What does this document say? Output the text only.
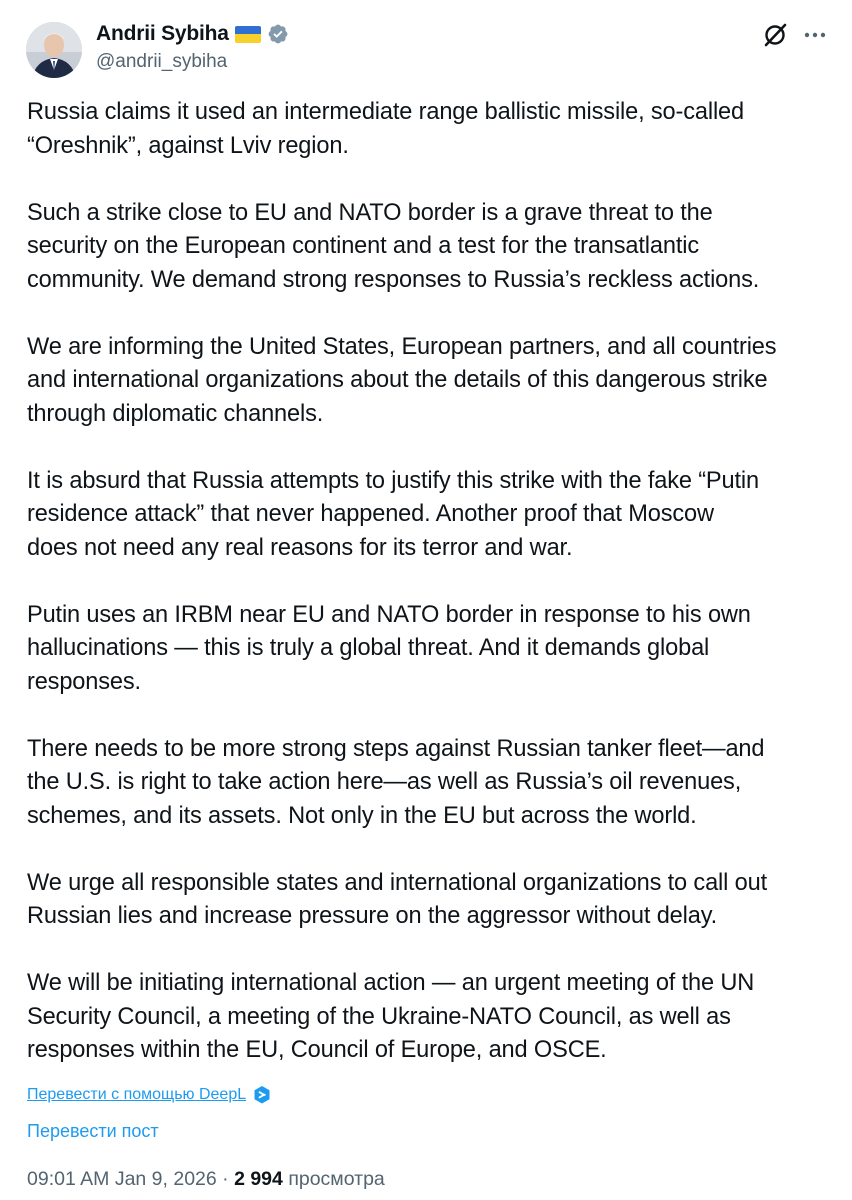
Andrii Sybiha
@andrii_sybiha

Russia claims it used an intermediate range ballistic missile, so-called
“Oreshnik”, against Lviv region.

Such a strike close to EU and NATO border is a grave threat to the
security on the European continent and a test for the transatlantic
community. We demand strong responses to Russia’s reckless actions.

We are informing the United States, European partners, and all countries
and international organizations about the details of this dangerous strike
through diplomatic channels.

It is absurd that Russia attempts to justify this strike with the fake “Putin
residence attack” that never happened. Another proof that Moscow
does not need any real reasons for its terror and war.

Putin uses an IRBM near EU and NATO border in response to his own
hallucinations — this is truly a global threat. And it demands global
responses.

There needs to be more strong steps against Russian tanker fleet—and
the U.S. is right to take action here—as well as Russia’s oil revenues,
schemes, and its assets. Not only in the EU but across the world.

We urge all responsible states and international organizations to call out
Russian lies and increase pressure on the aggressor without delay.

We will be initiating international action — an urgent meeting of the UN
Security Council, a meeting of the Ukraine-NATO Council, as well as
responses within the EU, Council of Europe, and OSCE.

Перевести с помощью DeepL
Перевести пост
09:01 AM Jan 9, 2026 · 2 994 просмотра
